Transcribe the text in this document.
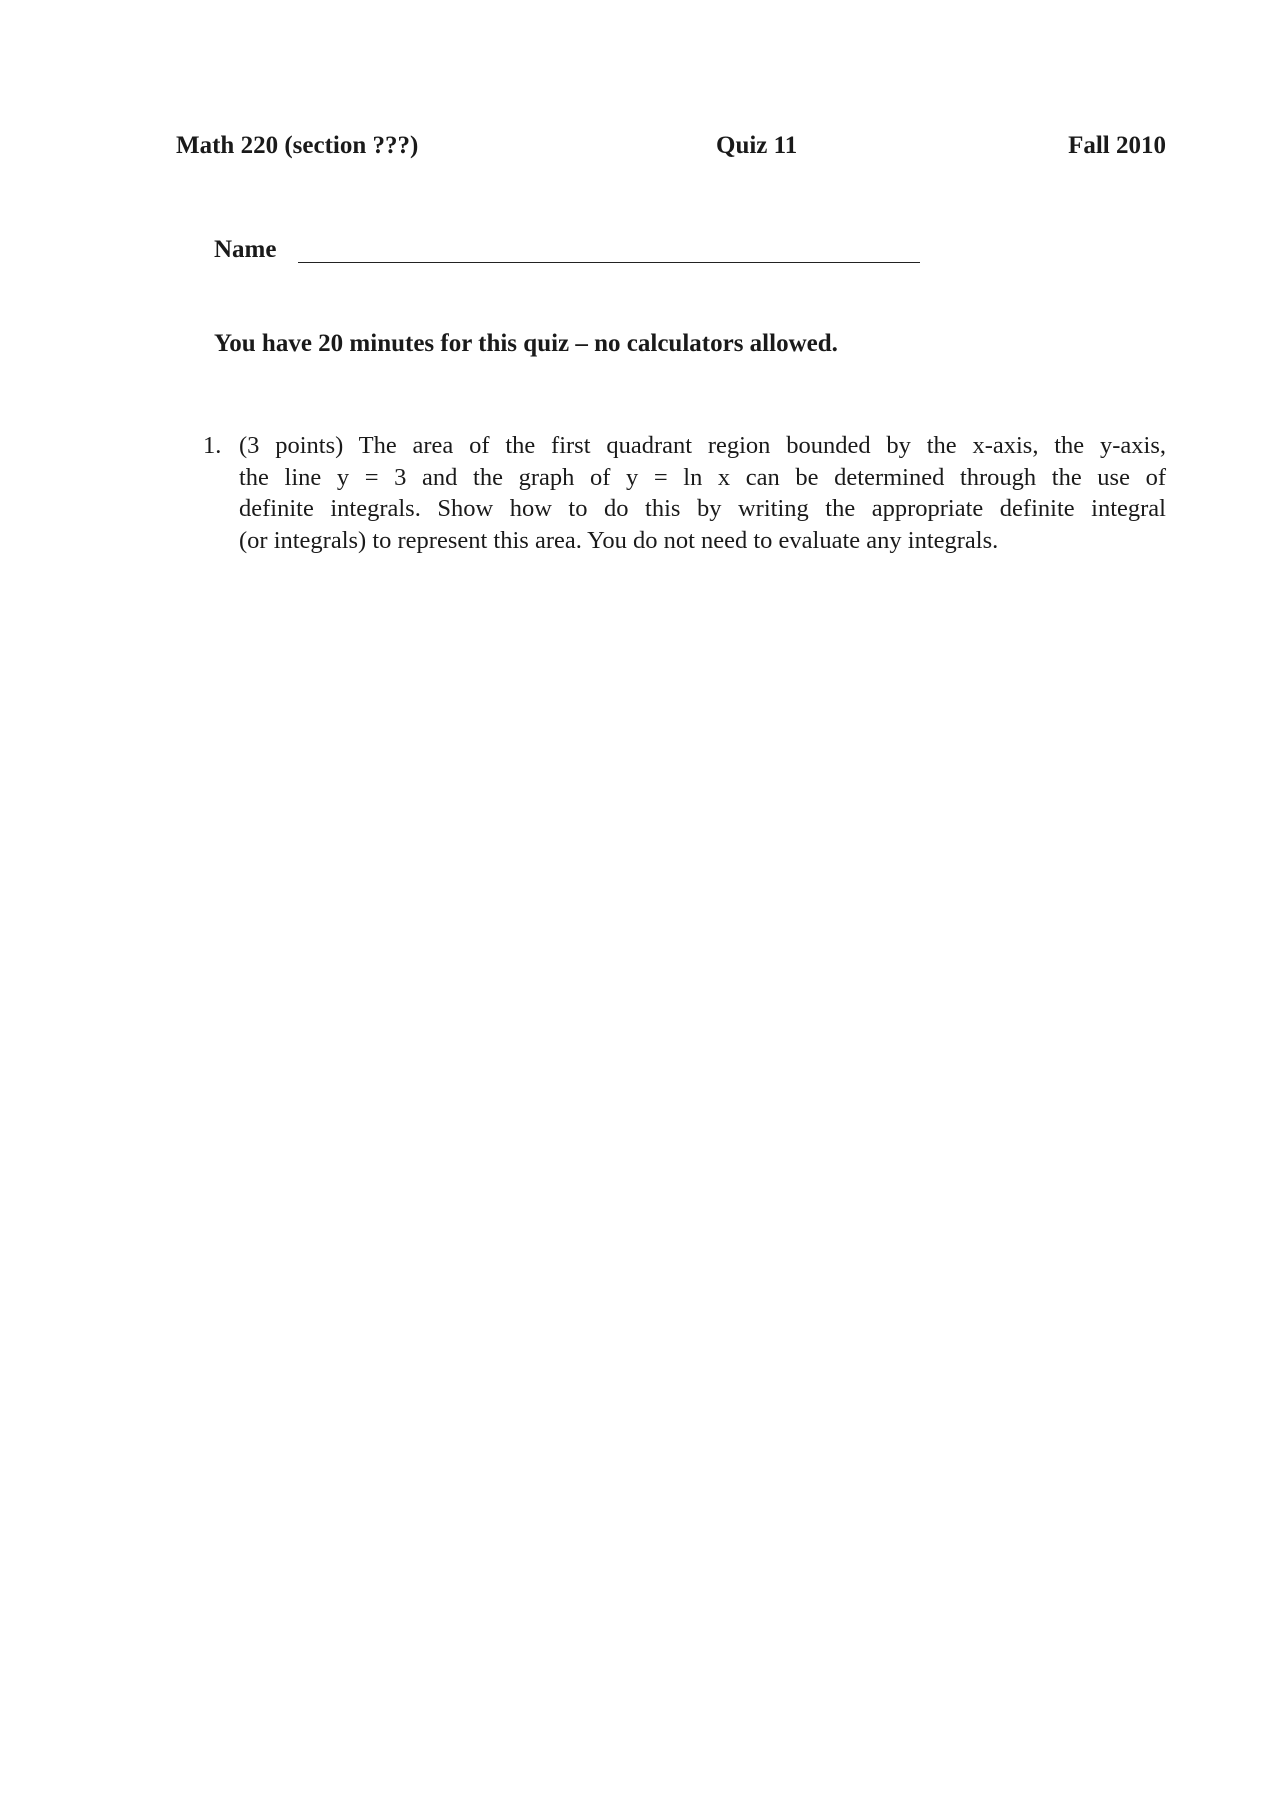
Math 220 (section ???)	Quiz 11	Fall 2010
Name
You have 20 minutes for this quiz – no calculators allowed.
1. (3 points) The area of the first quadrant region bounded by the x-axis, the y-axis,
the line y = 3 and the graph of y = ln x can be determined through the use of
definite integrals. Show how to do this by writing the appropriate definite integral
(or integrals) to represent this area. You do not need to evaluate any integrals.
